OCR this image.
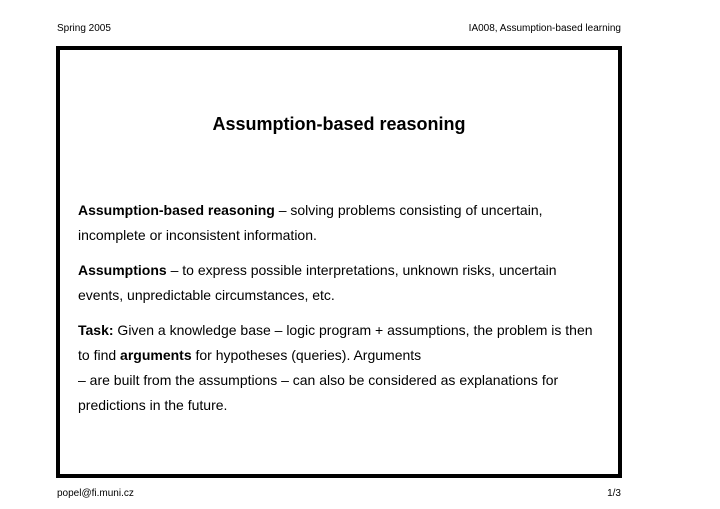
Spring 2005	IA008, Assumption-based learning
Assumption-based reasoning

Assumption-based reasoning – solving problems consisting of uncertain, incomplete or inconsistent information.

Assumptions – to express possible interpretations, unknown risks, uncertain events, unpredictable circumstances, etc.

Task: Given a knowledge base – logic program + assumptions, the problem is then to find arguments for hypotheses (queries). Arguments
– are built from the assumptions – can also be considered as explanations for predictions in the future.

popel@fi.muni.cz	1/3
